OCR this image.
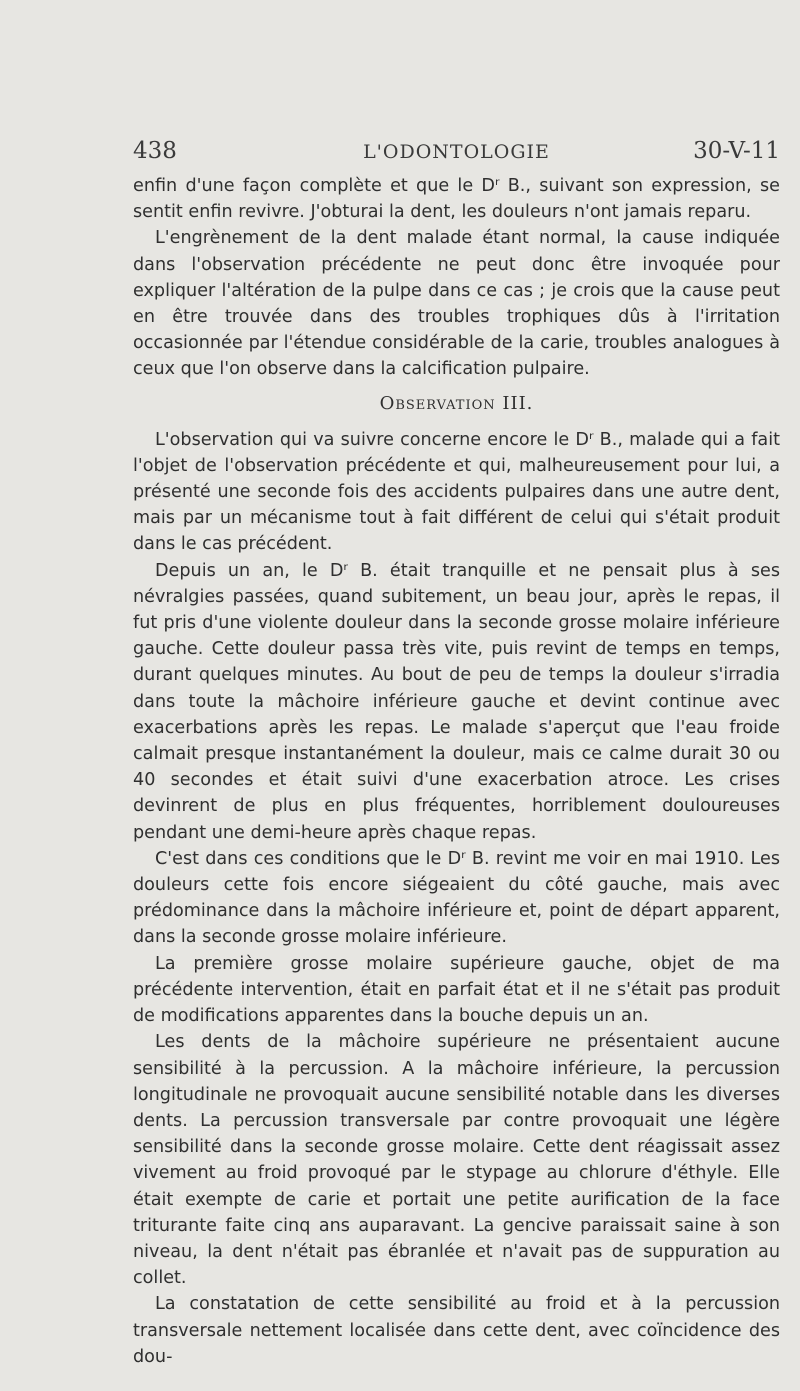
438	L'ODONTOLOGIE	30-V-11

enfin d'une façon complète et que le Dʳ B., suivant son expression, se sentit enfin revivre. J'obturai la dent, les douleurs n'ont jamais reparu.

L'engrènement de la dent malade étant normal, la cause indiquée dans l'observation précédente ne peut donc être invoquée pour expliquer l'altération de la pulpe dans ce cas ; je crois que la cause peut en être trouvée dans des troubles trophiques dûs à l'irritation occasionnée par l'étendue considérable de la carie, troubles analogues à ceux que l'on observe dans la calcification pulpaire.

Observation III.

L'observation qui va suivre concerne encore le Dʳ B., malade qui a fait l'objet de l'observation précédente et qui, malheureusement pour lui, a présenté une seconde fois des accidents pulpaires dans une autre dent, mais par un mécanisme tout à fait différent de celui qui s'était produit dans le cas précédent.

Depuis un an, le Dʳ B. était tranquille et ne pensait plus à ses névralgies passées, quand subitement, un beau jour, après le repas, il fut pris d'une violente douleur dans la seconde grosse molaire inférieure gauche. Cette douleur passa très vite, puis revint de temps en temps, durant quelques minutes. Au bout de peu de temps la douleur s'irradia dans toute la mâchoire inférieure gauche et devint continue avec exacerbations après les repas. Le malade s'aperçut que l'eau froide calmait presque instantanément la douleur, mais ce calme durait 30 ou 40 secondes et était suivi d'une exacerbation atroce. Les crises devinrent de plus en plus fréquentes, horriblement douloureuses pendant une demi-heure après chaque repas.

C'est dans ces conditions que le Dʳ B. revint me voir en mai 1910. Les douleurs cette fois encore siégeaient du côté gauche, mais avec prédominance dans la mâchoire inférieure et, point de départ apparent, dans la seconde grosse molaire inférieure.

La première grosse molaire supérieure gauche, objet de ma précédente intervention, était en parfait état et il ne s'était pas produit de modifications apparentes dans la bouche depuis un an.

Les dents de la mâchoire supérieure ne présentaient aucune sensibilité à la percussion. A la mâchoire inférieure, la percussion longitudinale ne provoquait aucune sensibilité notable dans les diverses dents. La percussion transversale par contre provoquait une légère sensibilité dans la seconde grosse molaire. Cette dent réagissait assez vivement au froid provoqué par le stypage au chlorure d'éthyle. Elle était exempte de carie et portait une petite aurification de la face triturante faite cinq ans auparavant. La gencive paraissait saine à son niveau, la dent n'était pas ébranlée et n'avait pas de suppuration au collet.

La constatation de cette sensibilité au froid et à la percussion transversale nettement localisée dans cette dent, avec coïncidence des dou-
